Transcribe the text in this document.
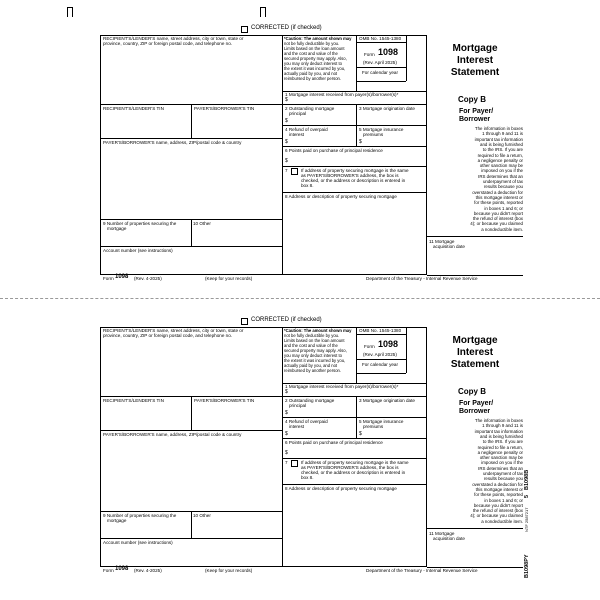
CORRECTED (if checked)
RECIPIENT'S/LENDER'S name, street address, city or town, state or
province, country, ZIP or foreign postal code, and telephone no.
*Caution: The amount shown may
not be fully deductible by you.
Limits based on the loan amount
and the cost and value of the
secured property may apply. Also,
you may only deduct interest to
the extent it was incurred by you,
actually paid by you, and not
reimbursed by another person.
OMB No. 1545-1380
Form 1098
(Rev. April 2025)
For calendar year
Mortgage
Interest
Statement
1 Mortgage interest received from payer(s)/borrower(s)*
$
RECIPIENT'S/LENDER'S TIN	PAYER'S/BORROWER'S TIN	2 Outstanding mortgage
principal
$
3 Mortgage origination date
Copy B
For Payer/
Borrower
4 Refund of overpaid
interest
$
5 Mortgage insurance
premiums
$
PAYER'S/BORROWER'S name, address, ZIP/postal code & country
6 Points paid on purchase of principal residence
$
7	If address of property securing mortgage is the same
as PAYER'S/BORROWER'S address, the box is
checked, or the address or description is entered in
box 8.
8 Address or description of property securing mortgage
9 Number of properties securing the
mortgage
10 Other
Account number (see instructions)
The information in boxes
1 through 9 and 11 is
important tax information
and is being furnished
to the IRS. If you are
required to file a return,
a negligence penalty or
other sanction may be
imposed on you if the
IRS determines that an
underpayment of tax
results because you
overstated a deduction for
this mortgage interest or
for these points, reported
in boxes 1 and 6; or
because you didn't report
the refund of interest (box
4); or because you claimed
a nondeductible item.
11 Mortgage
acquisition date
Form 1098 (Rev. 4-2025)	(Keep for your records)	Department of the Treasury - Internal Revenue Service
CORRECTED (if checked)
RECIPIENT'S/LENDER'S name, street address, city or town, state or
province, country, ZIP or foreign postal code, and telephone no.
*Caution: The amount shown may
not be fully deductible by you.
Limits based on the loan amount
and the cost and value of the
secured property may apply. Also,
you may only deduct interest to
the extent it was incurred by you,
actually paid by you, and not
reimbursed by another person.
OMB No. 1545-1380
Form 1098
(Rev. April 2025)
For calendar year
Mortgage
Interest
Statement
1 Mortgage interest received from payer(s)/borrower(s)*
$
RECIPIENT'S/LENDER'S TIN	PAYER'S/BORROWER'S TIN	2 Outstanding mortgage
principal
$
3 Mortgage origination date
Copy B
For Payer/
Borrower
4 Refund of overpaid
interest
$
5 Mortgage insurance
premiums
$
PAYER'S/BORROWER'S name, address, ZIP/postal code & country
6 Points paid on purchase of principal residence
$
7	If address of property securing mortgage is the same
as PAYER'S/BORROWER'S address, the box is
checked, or the address or description is entered in
box 8.
8 Address or description of property securing mortgage
9 Number of properties securing the
mortgage
10 Other
Account number (see instructions)
The information in boxes
1 through 9 and 11 is
important tax information
and is being furnished
to the IRS. If you are
required to file a return,
a negligence penalty or
other sanction may be
imposed on you if the
IRS determines that an
underpayment of tax
results because you
overstated a deduction for
this mortgage interest or
for these points, reported
in boxes 1 and 6; or
because you didn't report
the refund of interest (box
4); or because you claimed
a nondeductible item.
11 Mortgage
acquisition date
B1098PY
NTF 2587217
5
B1098B
Form 1098 (Rev. 4-2025)	(Keep for your records)	Department of the Treasury - Internal Revenue Service
